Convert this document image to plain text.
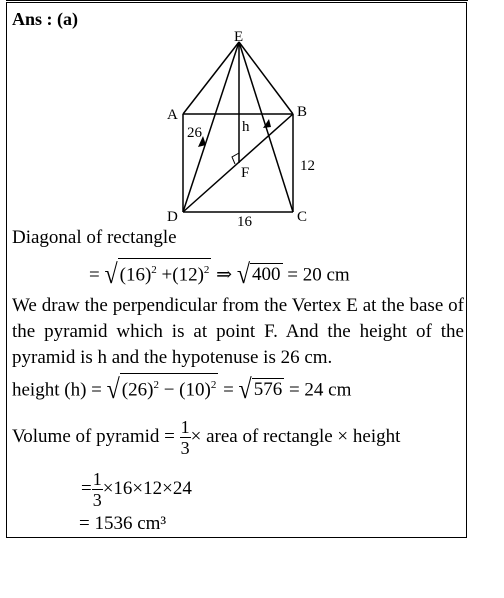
Ans : (a)
E
A	B
C
D
F
26	h
12
16
Diagonal of rectangle
= √ $(16)^2 +(12)^2$ ⇒ √ 400 = 20 cm
We draw the perpendicular from the Vertex E at the base of the pyramid which is at point F. And the height of the pyramid is h and the hypotenuse is 26 cm.
height (h) = √ $(26)^2 - (10)^2$ = √ 576 = 24 cm
Volume of pyramid = $\frac{1}{3}$ × area of rectangle × height
= $\frac{1}{3} \times 16\times 12\times 24$
= 1536 cm³
